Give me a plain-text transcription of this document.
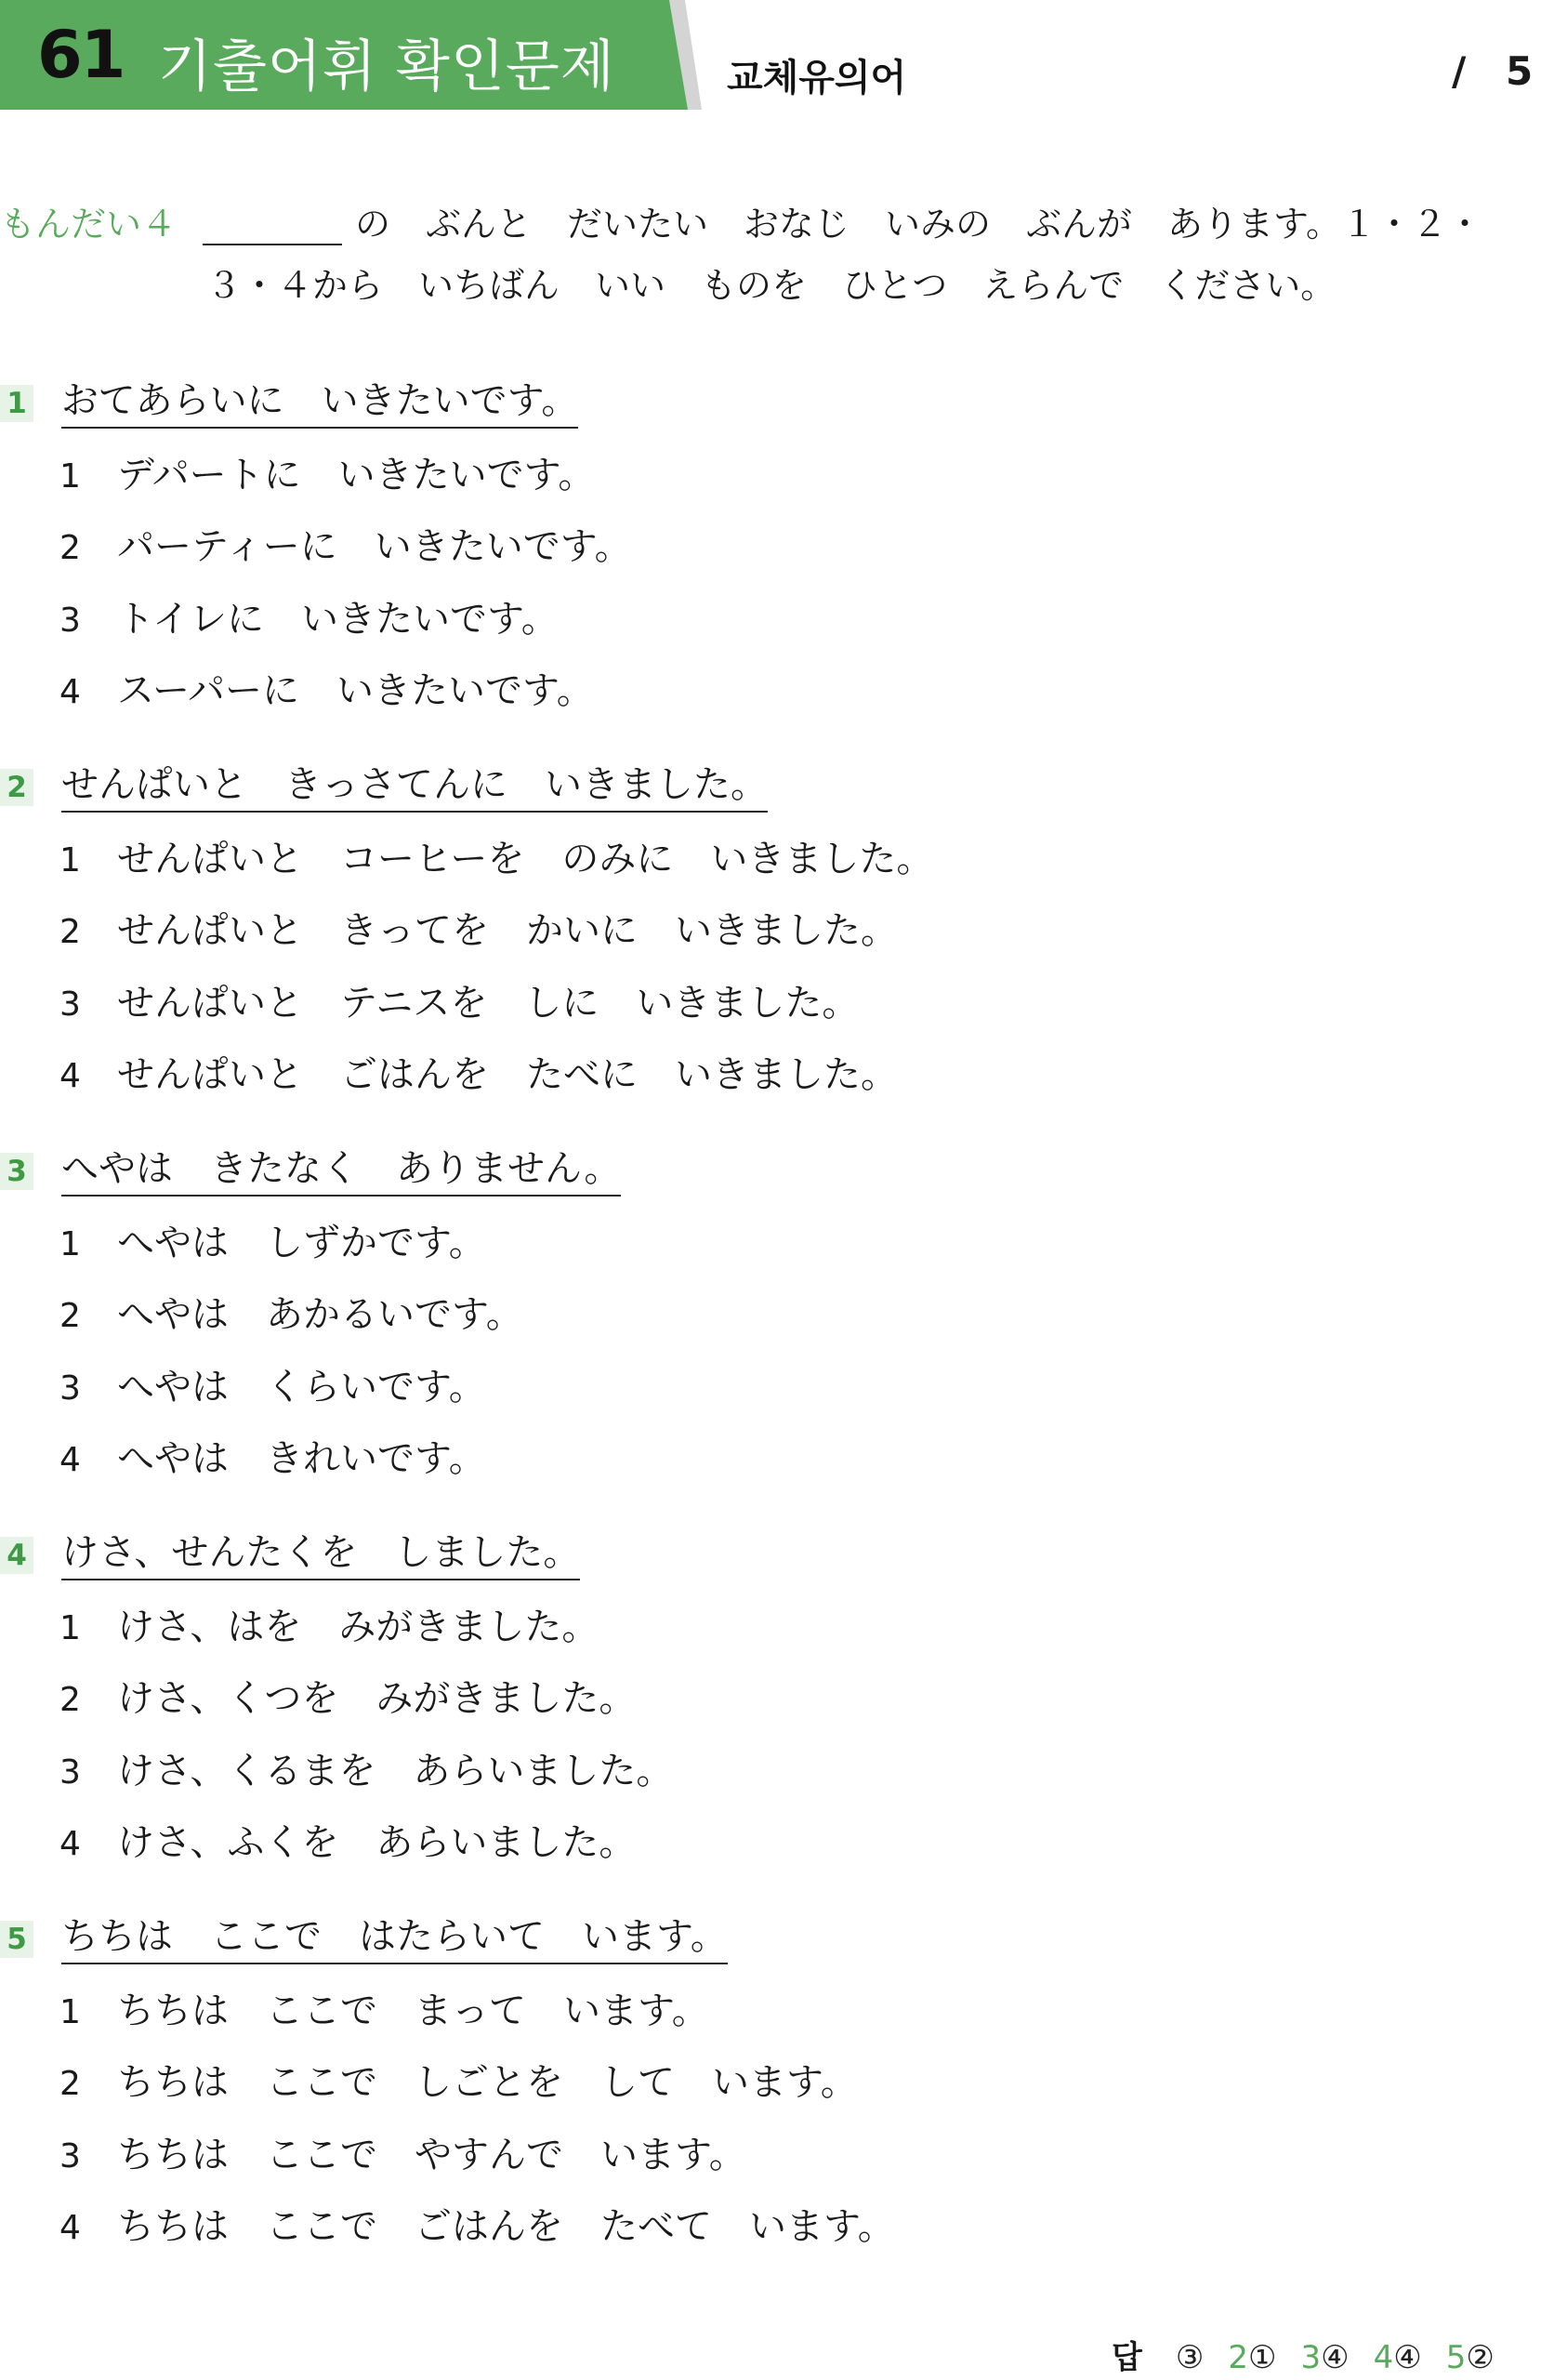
61 기출어휘 확인문제	교체유의어	/ 5
もんだい４	の　ぶんと　だいたい　おなじ　いみの　ぶんが　あります。１・２・
３・４から　いちばん　いい　ものを　ひとつ　えらんで　ください。
1 おてあらいに　いきたいです。
1 デパートに　いきたいです。
2 パーティーに　いきたいです。
3 トイレに　いきたいです。
4 スーパーに　いきたいです。
2 せんぱいと　きっさてんに　いきました。
1 せんぱいと　コーヒーを　のみに　いきました。
2 せんぱいと　きってを　かいに　いきました。
3 せんぱいと　テニスを　しに　いきました。
4 せんぱいと　ごはんを　たべに　いきました。
3 へやは　きたなく　ありません。
1 へやは　しずかです。
2 へやは　あかるいです。
3 へやは　くらいです。
4 へやは　きれいです。
4 けさ、せんたくを　しました。
1 けさ、はを　みがきました。
2 けさ、くつを　みがきました。
3 けさ、くるまを　あらいました。
4 けさ、ふくを　あらいました。
5 ちちは　ここで　はたらいて　います。
1 ちちは　ここで　まって　います。
2 ちちは　ここで　しごとを　して　います。
3 ちちは　ここで　やすんで　います。
4 ちちは　ここで　ごはんを　たべて　います。
답 ③ 2① 3④ 4④ 5②
